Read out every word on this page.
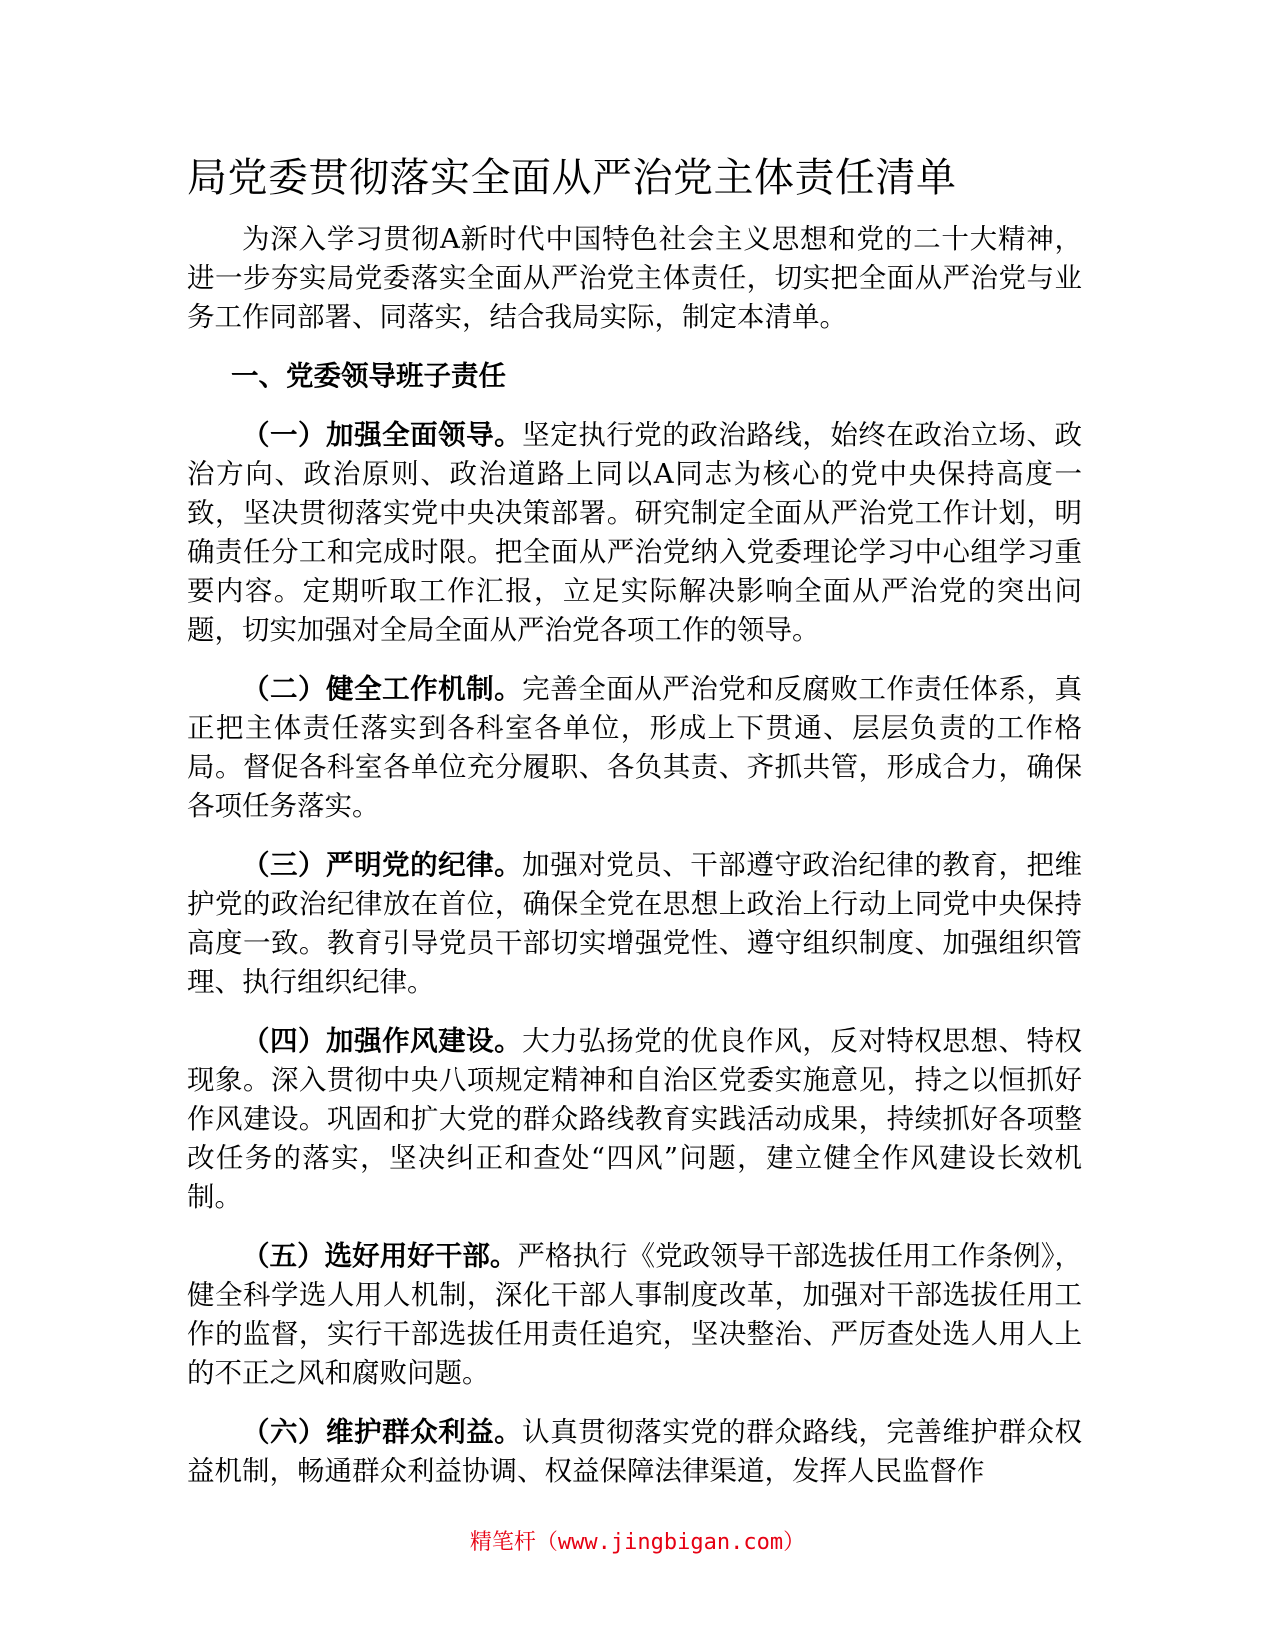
局党委贯彻落实全面从严治党主体责任清单

为深入学习贯彻A新时代中国特色社会主义思想和党的二十大精神，进一步夯实局党委落实全面从严治党主体责任，切实把全面从严治党与业务工作同部署、同落实，结合我局实际，制定本清单。

一、党委领导班子责任

（一）加强全面领导。坚定执行党的政治路线，始终在政治立场、政治方向、政治原则、政治道路上同以A同志为核心的党中央保持高度一致，坚决贯彻落实党中央决策部署。研究制定全面从严治党工作计划，明确责任分工和完成时限。把全面从严治党纳入党委理论学习中心组学习重要内容。定期听取工作汇报，立足实际解决影响全面从严治党的突出问题，切实加强对全局全面从严治党各项工作的领导。

（二）健全工作机制。完善全面从严治党和反腐败工作责任体系，真正把主体责任落实到各科室各单位，形成上下贯通、层层负责的工作格局。督促各科室各单位充分履职、各负其责、齐抓共管，形成合力，确保各项任务落实。

（三）严明党的纪律。加强对党员、干部遵守政治纪律的教育，把维护党的政治纪律放在首位，确保全党在思想上政治上行动上同党中央保持高度一致。教育引导党员干部切实增强党性、遵守组织制度、加强组织管理、执行组织纪律。

（四）加强作风建设。大力弘扬党的优良作风，反对特权思想、特权现象。深入贯彻中央八项规定精神和自治区党委实施意见，持之以恒抓好作风建设。巩固和扩大党的群众路线教育实践活动成果，持续抓好各项整改任务的落实，坚决纠正和查处“四风”问题，建立健全作风建设长效机制。

（五）选好用好干部。严格执行《党政领导干部选拔任用工作条例》，健全科学选人用人机制，深化干部人事制度改革，加强对干部选拔任用工作的监督，实行干部选拔任用责任追究，坚决整治、严厉查处选人用人上的不正之风和腐败问题。

（六）维护群众利益。认真贯彻落实党的群众路线，完善维护群众权益机制，畅通群众利益协调、权益保障法律渠道，发挥人民监督作

精笔杆（www.jingbigan.com）
